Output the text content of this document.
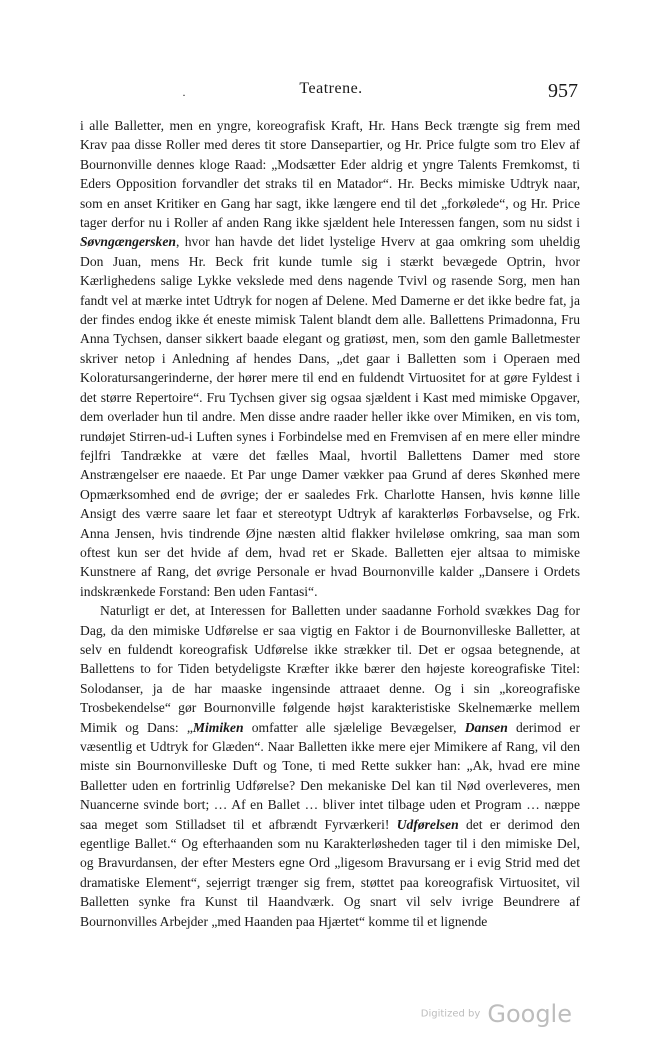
·	Teatrene.	957

i alle Balletter, men en yngre, koreografisk Kraft, Hr. Hans Beck trængte sig frem med Krav paa disse Roller med deres tit store Dansepartier, og Hr. Price fulgte som tro Elev af Bournonville dennes kloge Raad: „Modsætter Eder aldrig et yngre Talents Fremkomst, ti Eders Opposition forvandler det straks til en Matador“. Hr. Becks mimiske Udtryk naar, som en anset Kritiker en Gang har sagt, ikke længere end til det „forkølede“, og Hr. Price tager derfor nu i Roller af anden Rang ikke sjældent hele Interessen fangen, som nu sidst i Søvngængersken, hvor han havde det lidet lystelige Hverv at gaa omkring som uheldig Don Juan, mens Hr. Beck frit kunde tumle sig i stærkt bevægede Optrin, hvor Kærlighedens salige Lykke vekslede med dens nagende Tvivl og rasende Sorg, men han fandt vel at mærke intet Udtryk for nogen af Delene. Med Damerne er det ikke bedre fat, ja der findes endog ikke ét eneste mimisk Talent blandt dem alle. Ballettens Primadonna, Fru Anna Tychsen, danser sikkert baade elegant og gratiøst, men, som den gamle Balletmester skriver netop i Anledning af hendes Dans, „det gaar i Balletten som i Operaen med Koloratursangerinderne, der hører mere til end en fuldendt Virtuositet for at gøre Fyldest i det større Repertoire“. Fru Tychsen giver sig ogsaa sjældent i Kast med mimiske Opgaver, dem overlader hun til andre. Men disse andre raader heller ikke over Mimiken, en vis tom, rundøjet Stirren-ud-i Luften synes i Forbindelse med en Fremvisen af en mere eller mindre fejlfri Tandrække at være det fælles Maal, hvortil Ballettens Damer med store Anstrængelser ere naaede. Et Par unge Damer vækker paa Grund af deres Skønhed mere Opmærksomhed end de øvrige; der er saaledes Frk. Charlotte Hansen, hvis kønne lille Ansigt des værre saare let faar et stereotypt Udtryk af karakterløs Forbavselse, og Frk. Anna Jensen, hvis tindrende Øjne næsten altid flakker hvileløse omkring, saa man som oftest kun ser det hvide af dem, hvad ret er Skade. Balletten ejer altsaa to mimiske Kunstnere af Rang, det øvrige Personale er hvad Bournonville kalder „Dansere i Ordets indskrænkede Forstand: Ben uden Fantasi“.

Naturligt er det, at Interessen for Balletten under saadanne Forhold svækkes Dag for Dag, da den mimiske Udførelse er saa vigtig en Faktor i de Bournonvilleske Balletter, at selv en fuldendt koreografisk Udførelse ikke strækker til. Det er ogsaa betegnende, at Ballettens to for Tiden betydeligste Kræfter ikke bærer den højeste koreografiske Titel: Solodanser, ja de har maaske ingensinde attraaet denne. Og i sin „koreografiske Trosbekendelse“ gør Bournonville følgende højst karakteristiske Skelnemærke mellem Mimik og Dans: „Mimiken omfatter alle sjælelige Bevægelser, Dansen derimod er væsentlig et Udtryk for Glæden“. Naar Balletten ikke mere ejer Mimikere af Rang, vil den miste sin Bournonvilleske Duft og Tone, ti med Rette sukker han: „Ak, hvad ere mine Balletter uden en fortrinlig Udførelse? Den mekaniske Del kan til Nød overleveres, men Nuancerne svinde bort; … Af en Ballet … bliver intet tilbage uden et Program … næppe saa meget som Stilladset til et afbrændt Fyrværkeri! Udførelsen det er derimod den egentlige Ballet.“ Og efterhaanden som nu Karakterløsheden tager til i den mimiske Del, og Bravurdansen, der efter Mesters egne Ord „ligesom Bravursang er i evig Strid med det dramatiske Element“, sejerrigt trænger sig frem, støttet paa koreografisk Virtuositet, vil Balletten synke fra Kunst til Haandværk. Og snart vil selv ivrige Beundrere af Bournonvilles Arbejder „med Haanden paa Hjærtet“ komme til et lignende

Digitized by Google
